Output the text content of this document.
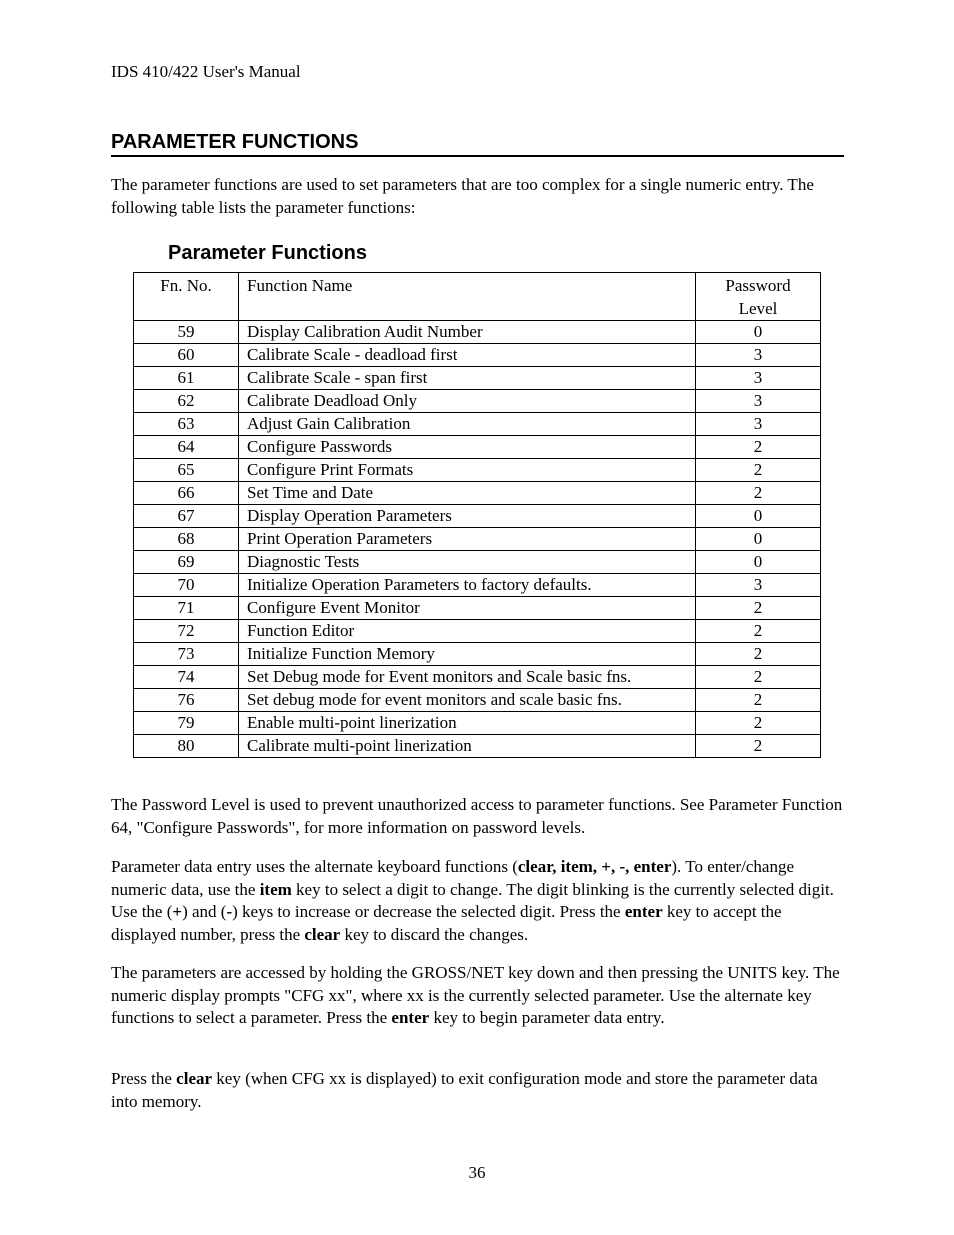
IDS 410/422 User's Manual
PARAMETER FUNCTIONS
The parameter functions are used to set parameters that are too complex for a single numeric entry. The following table lists the parameter functions:
Parameter Functions
Fn. No.	Function Name	Password Level
59	Display Calibration Audit Number	0
60	Calibrate Scale - deadload first	3
61	Calibrate Scale - span first	3
62	Calibrate Deadload Only	3
63	Adjust Gain Calibration	3
64	Configure Passwords	2
65	Configure Print Formats	2
66	Set Time and Date	2
67	Display Operation Parameters	0
68	Print Operation Parameters	0
69	Diagnostic Tests	0
70	Initialize Operation Parameters to factory defaults.	3
71	Configure Event Monitor	2
72	Function Editor	2
73	Initialize Function Memory	2
74	Set Debug mode for Event monitors and Scale basic fns.	2
76	Set debug mode for event monitors and scale basic fns.	2
79	Enable multi-point linerization	2
80	Calibrate multi-point linerization	2
The Password Level is used to prevent unauthorized access to parameter functions. See Parameter Function 64, "Configure Passwords", for more information on password levels.
Parameter data entry uses the alternate keyboard functions (clear, item, +, -, enter). To enter/change numeric data, use the item key to select a digit to change. The digit blinking is the currently selected digit. Use the (+) and (-) keys to increase or decrease the selected digit. Press the enter key to accept the displayed number, press the clear key to discard the changes.
The parameters are accessed by holding the GROSS/NET key down and then pressing the UNITS key. The numeric display prompts "CFG xx", where xx is the currently selected parameter. Use the alternate key functions to select a parameter. Press the enter key to begin parameter data entry.
Press the clear key (when CFG xx is displayed) to exit configuration mode and store the parameter data into memory.
36
